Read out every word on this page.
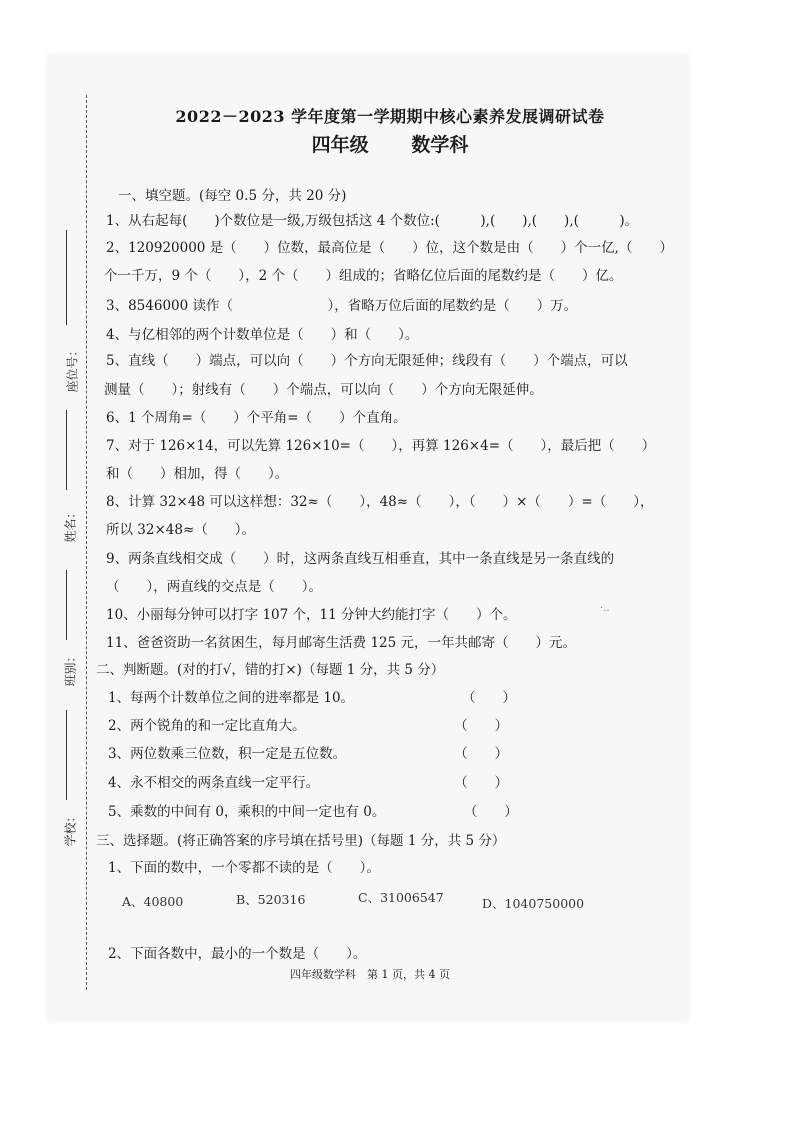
座位号：
姓名：
班别：
学校：
2022－2023 学年度第一学期期中核心素养发展调研试卷
四年级 数学科
一、填空题。(每空 0.5 分，共 20 分)
1、从右起每(　　)个数位是一级,万级包括这 4 个数位:(　　　),(　　),(　　),(　　　)。
2、120920000 是（　　）位数，最高位是（　　）位，这个数是由（　　）个一亿,（　　）
个一千万，9 个（　　），2 个（　　）组成的；省略亿位后面的尾数约是（　　）亿。
3、8546000 读作（　　　　　　　），省略万位后面的尾数约是（　　）万。
4、与亿相邻的两个计数单位是（　　）和（　　）。
5、直线（　　）端点，可以向（　　）个方向无限延伸；线段有（　　）个端点，可以
测量（　　）；射线有（　　）个端点，可以向（　　）个方向无限延伸。
6、1 个周角=（　　）个平角=（　　）个直角。
7、对于 126×14，可以先算 126×10=（　　），再算 126×4=（　　），最后把（　　）
和（　　）相加，得（　　）。
8、计算 32×48 可以这样想：32≈（　　），48≈（　　），（　　）×（　　）=（　　），
所以 32×48≈（　　）。
9、两条直线相交成（　　）时，这两条直线互相垂直，其中一条直线是另一条直线的
（　　），两直线的交点是（　　）。
10、小丽每分钟可以打字 107 个，11 分钟大约能打字（　　）个。
11、爸爸资助一名贫困生，每月邮寄生活费 125 元，一年共邮寄（　　）元。
二、判断题。(对的打√，错的打×)（每题 1 分，共 5 分）
1、每两个计数单位之间的进率都是 10。　　　　　　　　　（　　）
2、两个锐角的和一定比直角大。　　　　　　　　　　　　（　　）
3、两位数乘三位数，积一定是五位数。　　　　　　　　　（　　）
4、永不相交的两条直线一定平行。　　　　　　　　　　　（　　）
5、乘数的中间有 0，乘积的中间一定也有 0。　　　　　　 （　　）
三、选择题。(将正确答案的序号填在括号里)（每题 1 分，共 5 分）
1、下面的数中，一个零都不读的是（　　）。
A、40800	B、520316	C、31006547	D、1040750000
2、下面各数中，最小的一个数是（　　）。
·..
四年级数学科　第 1 页，共 4 页
